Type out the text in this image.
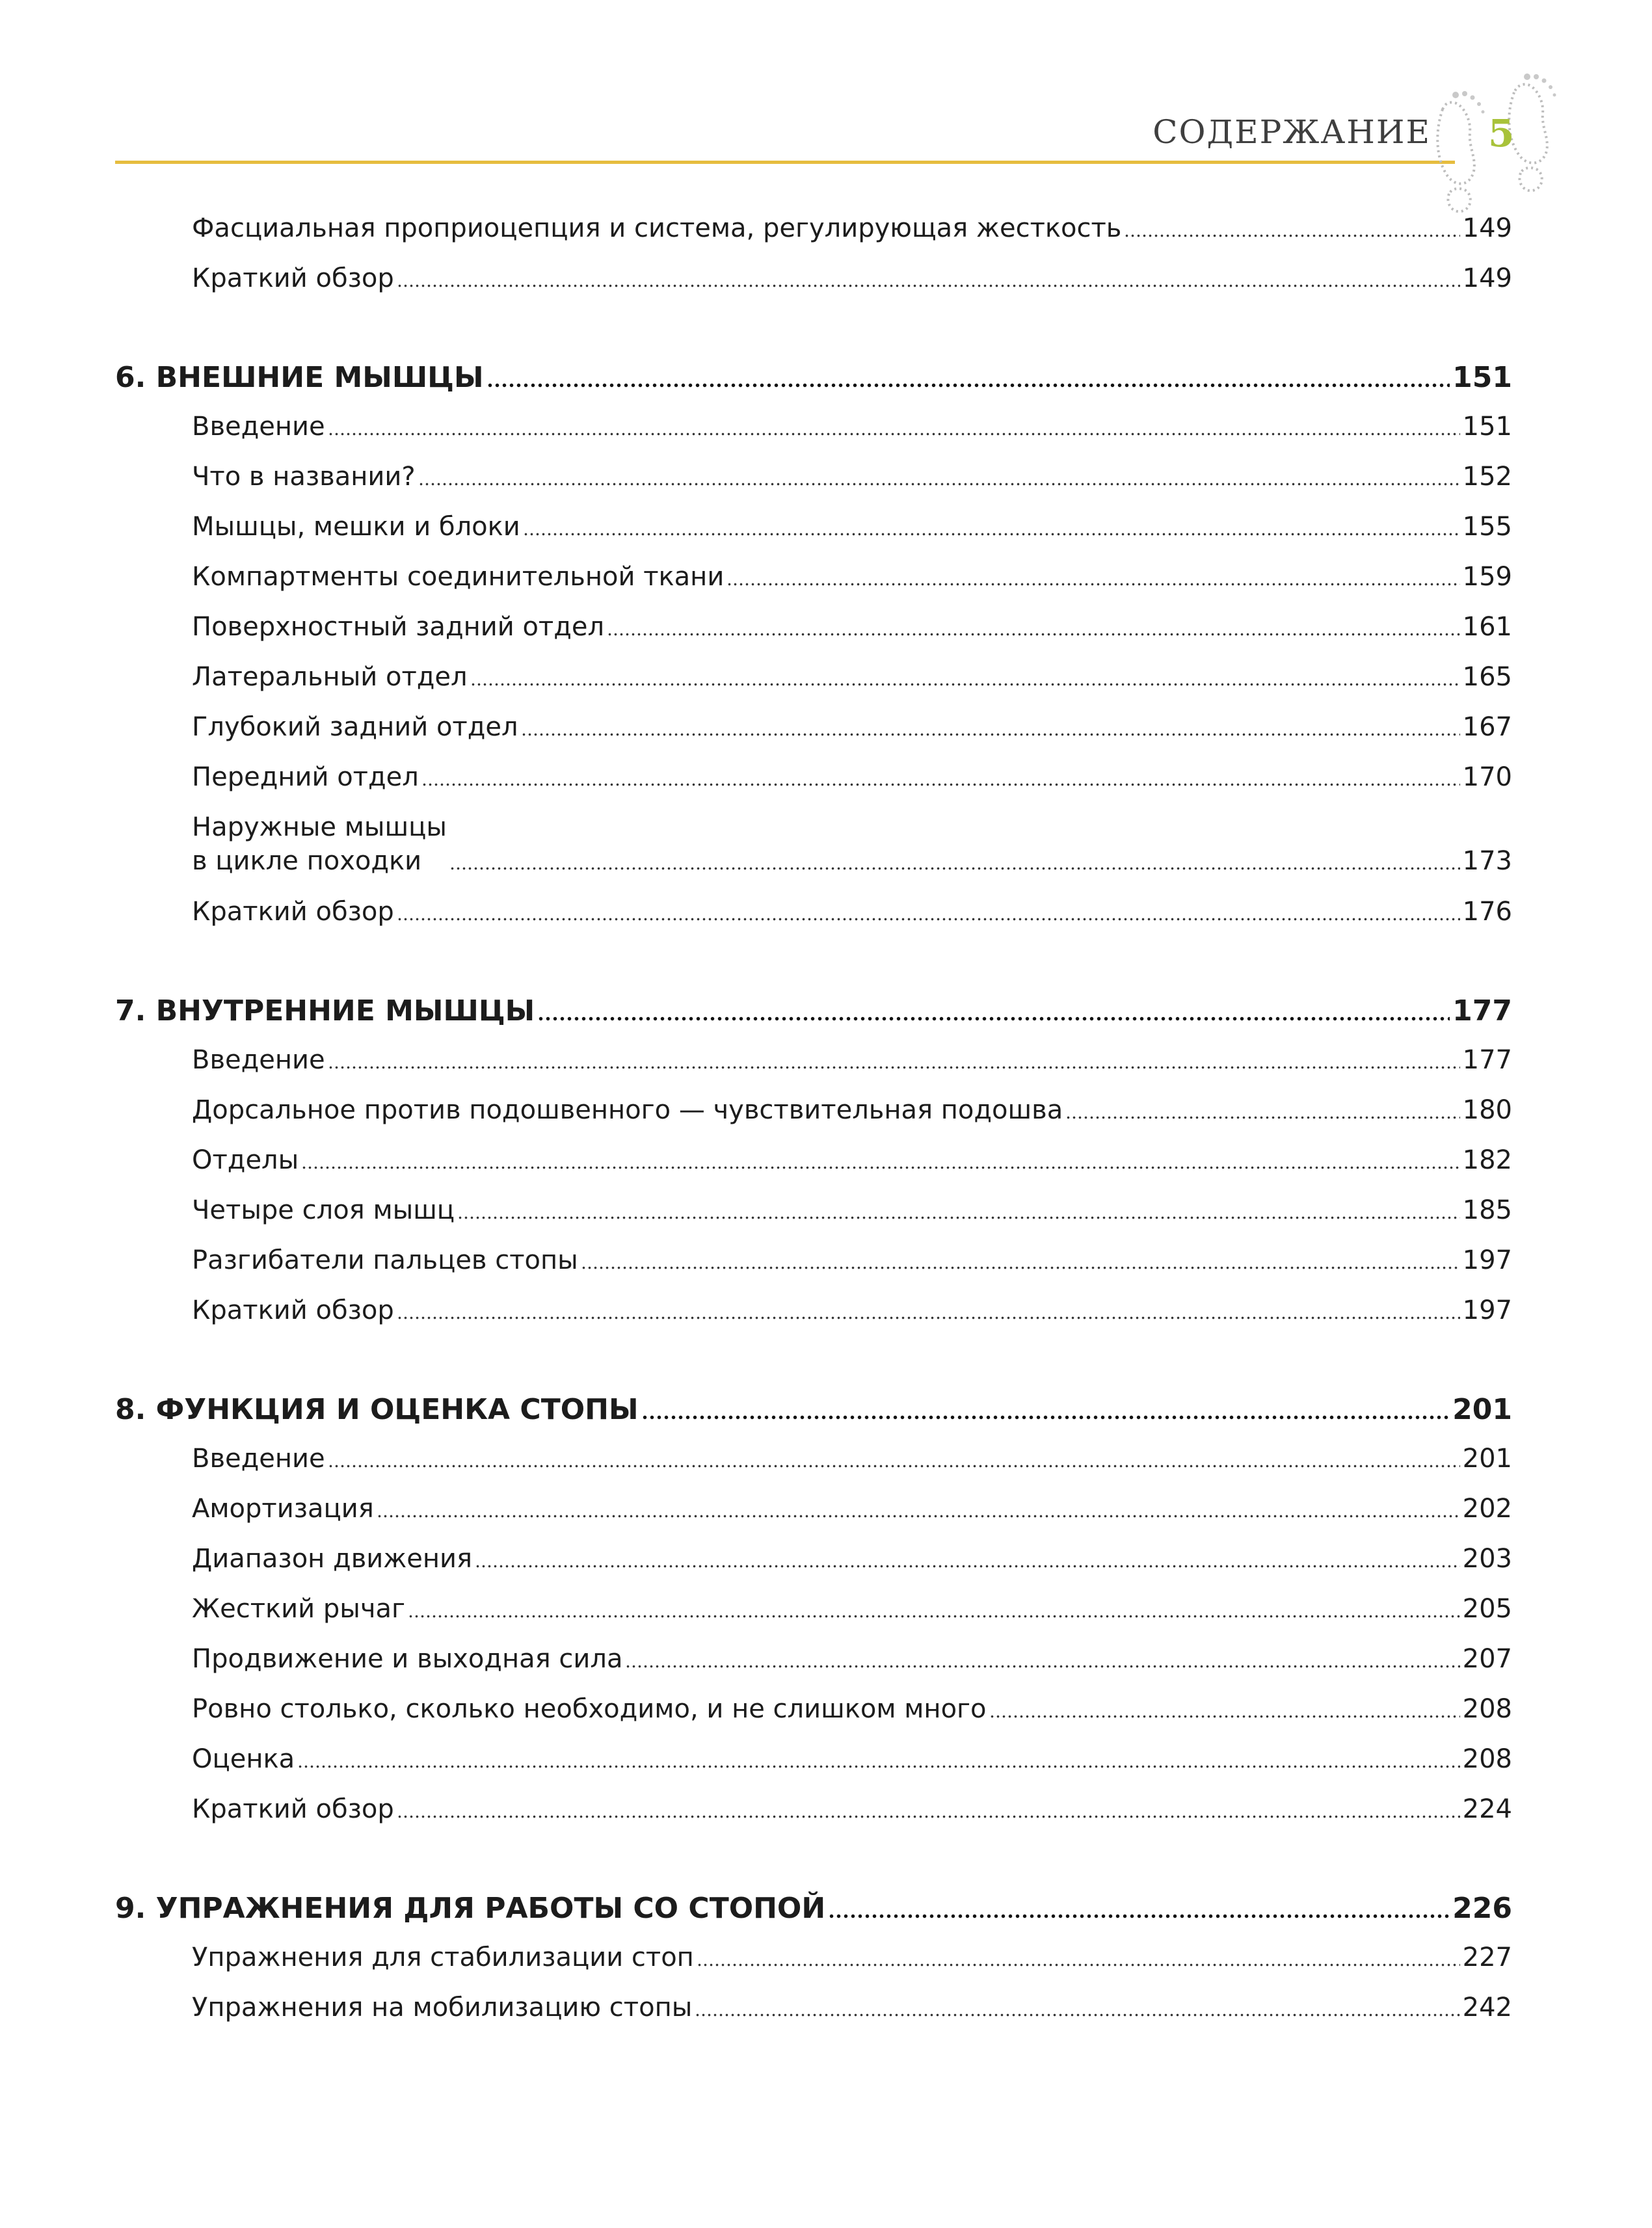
СОДЕРЖАНИЕ 5
Фасциальная проприоцепция и система, регулирующая жесткость	149
Краткий обзор	149
6. ВНЕШНИЕ МЫШЦЫ	151
Введение	151
Что в названии?	152
Мышцы, мешки и блоки	155
Компартменты соединительной ткани	159
Поверхностный задний отдел	161
Латеральный отдел	165
Глубокий задний отдел	167
Передний отдел	170
Наружные мышцы
в цикле походки	173
Краткий обзор	176
7. ВНУТРЕННИЕ МЫШЦЫ	177
Введение	177
Дорсальное против подошвенного — чувствительная подошва	180
Отделы	182
Четыре слоя мышц	185
Разгибатели пальцев стопы	197
Краткий обзор	197
8. ФУНКЦИЯ И ОЦЕНКА СТОПЫ	201
Введение	201
Амортизация	202
Диапазон движения	203
Жесткий рычаг	205
Продвижение и выходная сила	207
Ровно столько, сколько необходимо, и не слишком много	208
Оценка	208
Краткий обзор	224
9. УПРАЖНЕНИЯ ДЛЯ РАБОТЫ СО СТОПОЙ	226
Упражнения для стабилизации стоп	227
Упражнения на мобилизацию стопы	242
